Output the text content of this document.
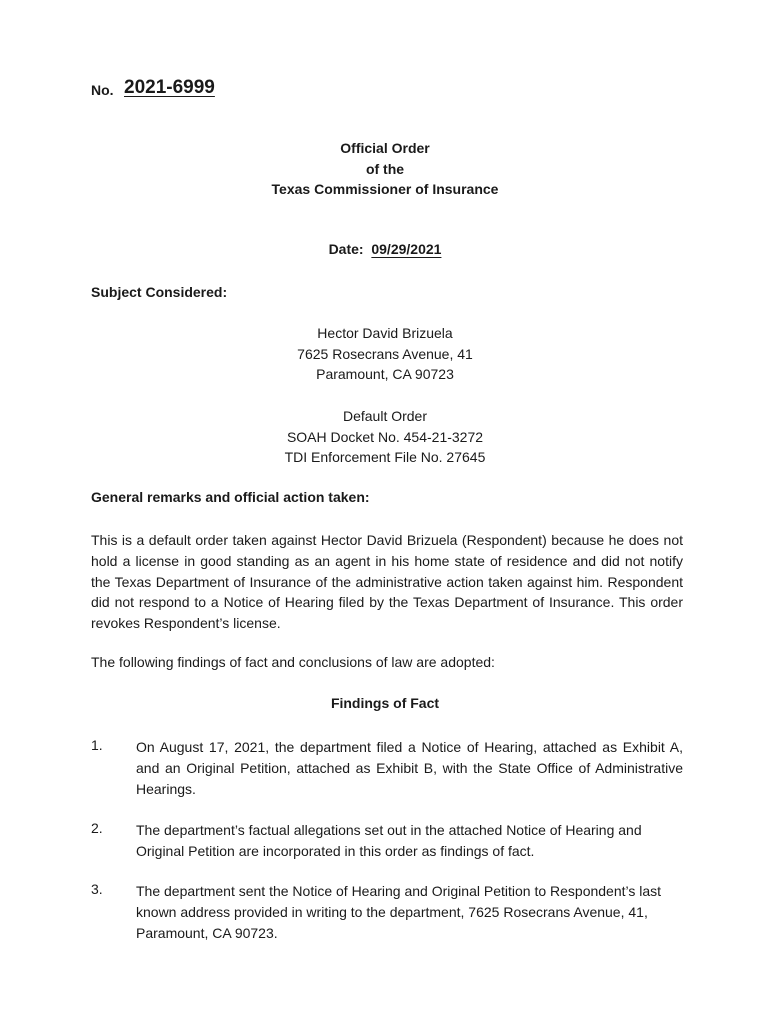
No. 2021-6999
Official Order
of the
Texas Commissioner of Insurance
Date: 09/29/2021
Subject Considered:
Hector David Brizuela
7625 Rosecrans Avenue, 41
Paramount, CA 90723
Default Order
SOAH Docket No. 454-21-3272
TDI Enforcement File No. 27645
General remarks and official action taken:

This is a default order taken against Hector David Brizuela (Respondent) because he does not hold a license in good standing as an agent in his home state of residence and did not notify the Texas Department of Insurance of the administrative action taken against him. Respondent did not respond to a Notice of Hearing filed by the Texas Department of Insurance. This order revokes Respondent’s license.

The following findings of fact and conclusions of law are adopted:

Findings of Fact
1. On August 17, 2021, the department filed a Notice of Hearing, attached as Exhibit A, and an Original Petition, attached as Exhibit B, with the State Office of Administrative Hearings.
2. The department’s factual allegations set out in the attached Notice of Hearing and Original Petition are incorporated in this order as findings of fact.
3. The department sent the Notice of Hearing and Original Petition to Respondent’s last known address provided in writing to the department, 7625 Rosecrans Avenue, 41, Paramount, CA 90723.
